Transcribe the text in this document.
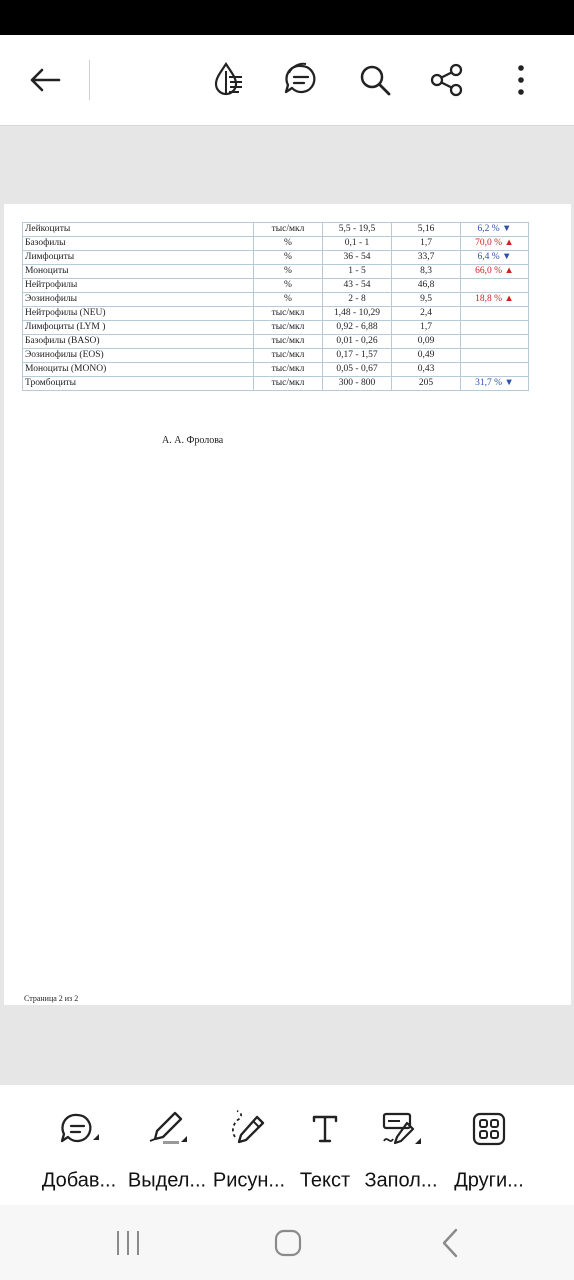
Лейкоциты	тыс/мкл	5,5 - 19,5	5,16	6,2 % ▼
Базофилы	%	0,1 - 1	1,7	70,0 % ▲
Лимфоциты	%	36 - 54	33,7	6,4 % ▼
Моноциты	%	1 - 5	8,3	66,0 % ▲
Нейтрофилы	%	43 - 54	46,8	
Эозинофилы	%	2 - 8	9,5	18,8 % ▲
Нейтрофилы (NEU)	тыс/мкл	1,48 - 10,29	2,4	
Лимфоциты (LYM )	тыс/мкл	0,92 - 6,88	1,7	
Базофилы (BASO)	тыс/мкл	0,01 - 0,26	0,09	
Эозинофилы (EOS)	тыс/мкл	0,17 - 1,57	0,49	
Моноциты (MONO)	тыс/мкл	0,05 - 0,67	0,43	
Тромбоциты	тыс/мкл	300 - 800	205	31,7 % ▼
А. А. Фролова
Страница 2 из 2
Добав... Выдел... Рисун... Текст Запол... Други...
